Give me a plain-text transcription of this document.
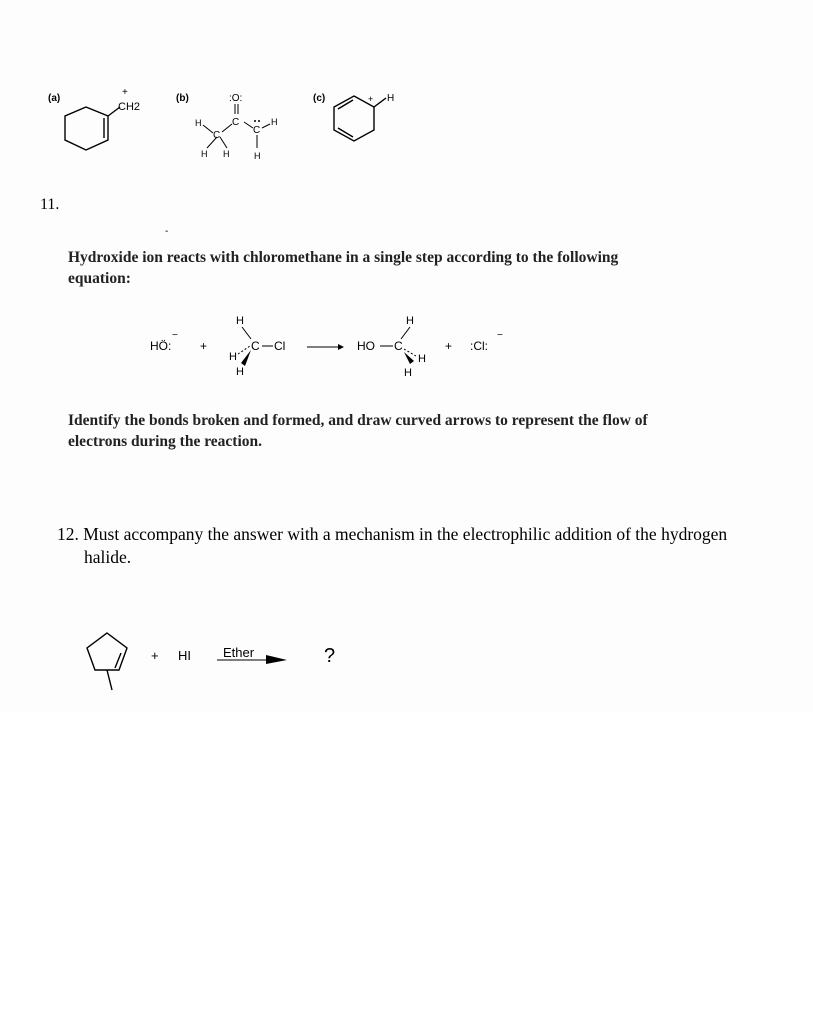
(a)
+
CH2
(b)	:O:
H
C
C	H
H H	H
C
(c)	+ H
11.
-
Hydroxide ion reacts with chloromethane in a single step according to the following equation:
HÖ:
−
+
H
C Cl
H
H
H
HO C
H
H
+ :Cl:
−
Identify the bonds broken and formed, and draw curved arrows to represent the flow of electrons during the reaction.
12. Must accompany the answer with a mechanism in the electrophilic addition of the hydrogen
halide.
+ HI Ether	?
